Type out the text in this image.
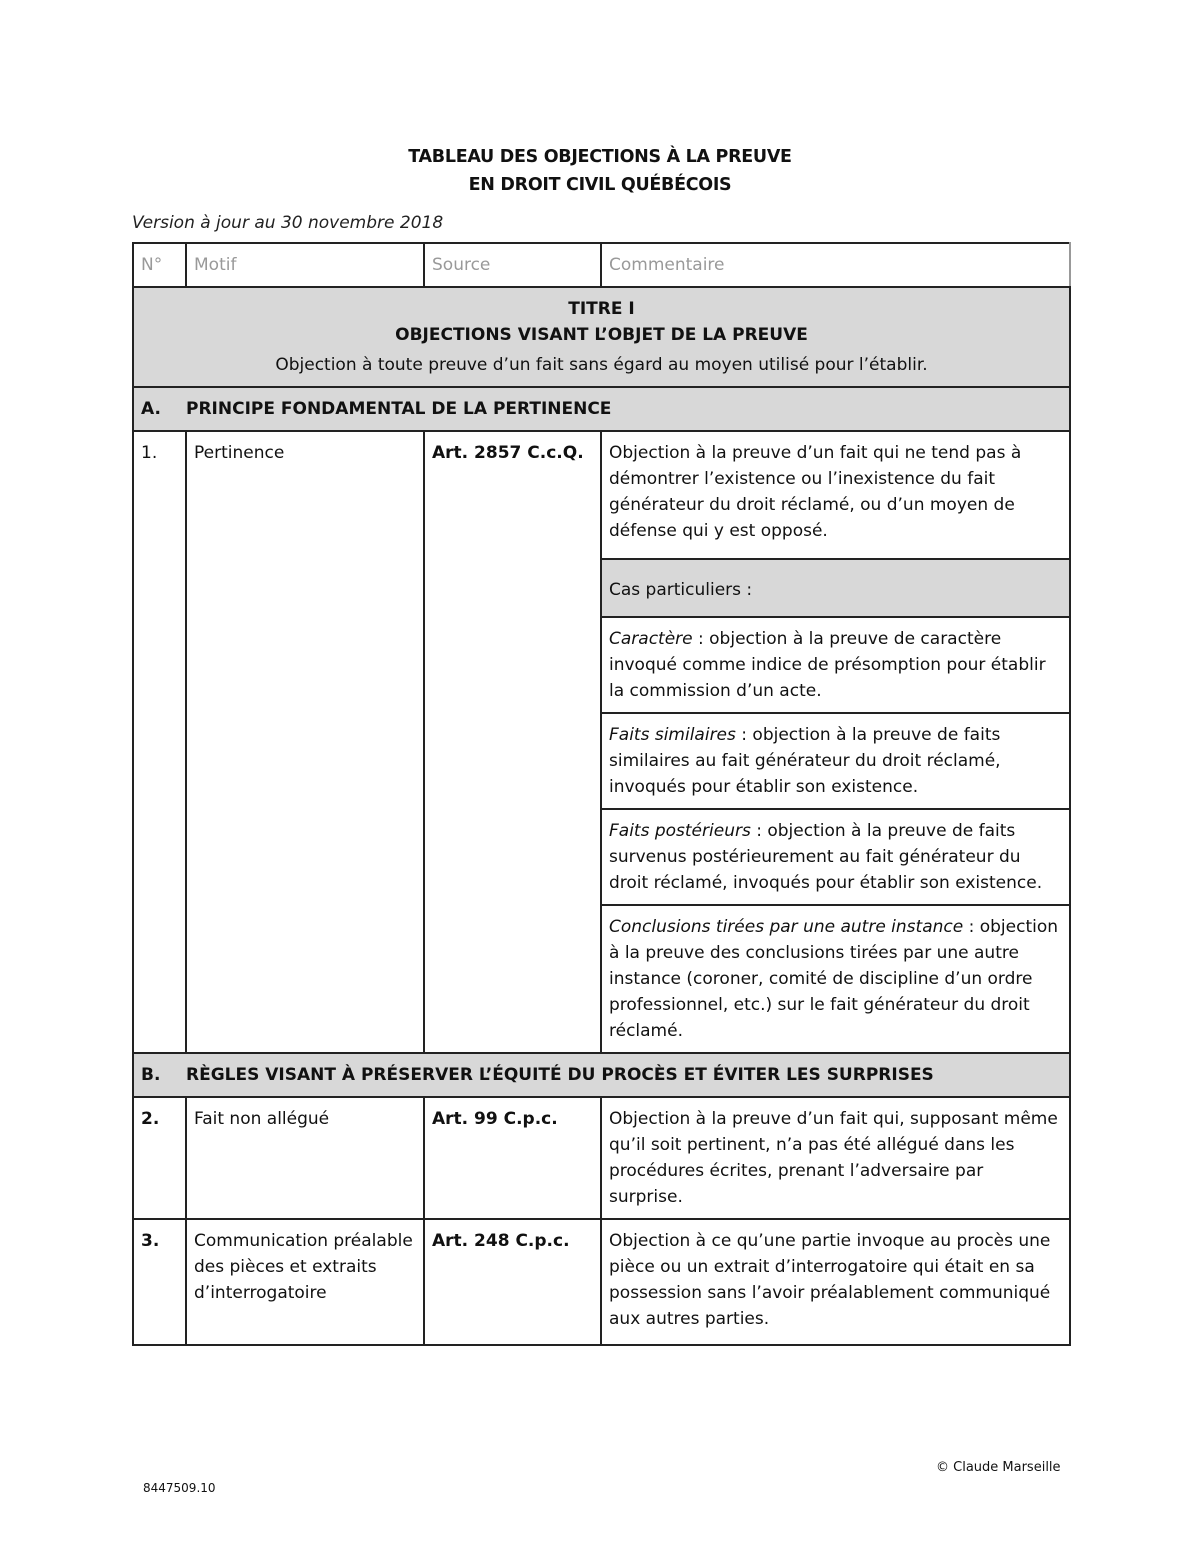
TABLEAU DES OBJECTIONS À LA PREUVE
EN DROIT CIVIL QUÉBÉCOIS
Version à jour au 30 novembre 2018
N°	Motif	Source	Commentaire

TITRE I
OBJECTIONS VISANT L’OBJET DE LA PREUVE
Objection à toute preuve d’un fait sans égard au moyen utilisé pour l’établir.			

A. PRINCIPE FONDAMENTAL DE LA PERTINENCE			
1.	Pertinence	Art. 2857 C.c.Q.	Objection à la preuve d’un fait qui ne tend pas à démontrer l’existence ou l’inexistence du fait générateur du droit réclamé, ou d’un moyen de défense qui y est opposé.
			Cas particuliers :
			Caractère : objection à la preuve de caractère invoqué comme indice de présomption pour établir la commission d’un acte.
			Faits similaires : objection à la preuve de faits similaires au fait générateur du droit réclamé, invoqués pour établir son existence.
			Faits postérieurs : objection à la preuve de faits survenus postérieurement au fait générateur du droit réclamé, invoqués pour établir son existence.
			Conclusions tirées par une autre instance : objection à la preuve des conclusions tirées par une autre instance (coroner, comité de discipline d’un ordre professionnel, etc.) sur le fait générateur du droit réclamé.
B. RÈGLES VISANT À PRÉSERVER L’ÉQUITÉ DU PROCÈS ET ÉVITER LES SURPRISES			
2.	Fait non allégué	Art. 99 C.p.c.	Objection à la preuve d’un fait qui, supposant même qu’il soit pertinent, n’a pas été allégué dans les procédures écrites, prenant l’adversaire par surprise.
3.	Communication préalable des pièces et extraits d’interrogatoire	Art. 248 C.p.c.	Objection à ce qu’une partie invoque au procès une pièce ou un extrait d’interrogatoire qui était en sa possession sans l’avoir préalablement communiqué aux autres parties.
© Claude Marseille
8447509.10
